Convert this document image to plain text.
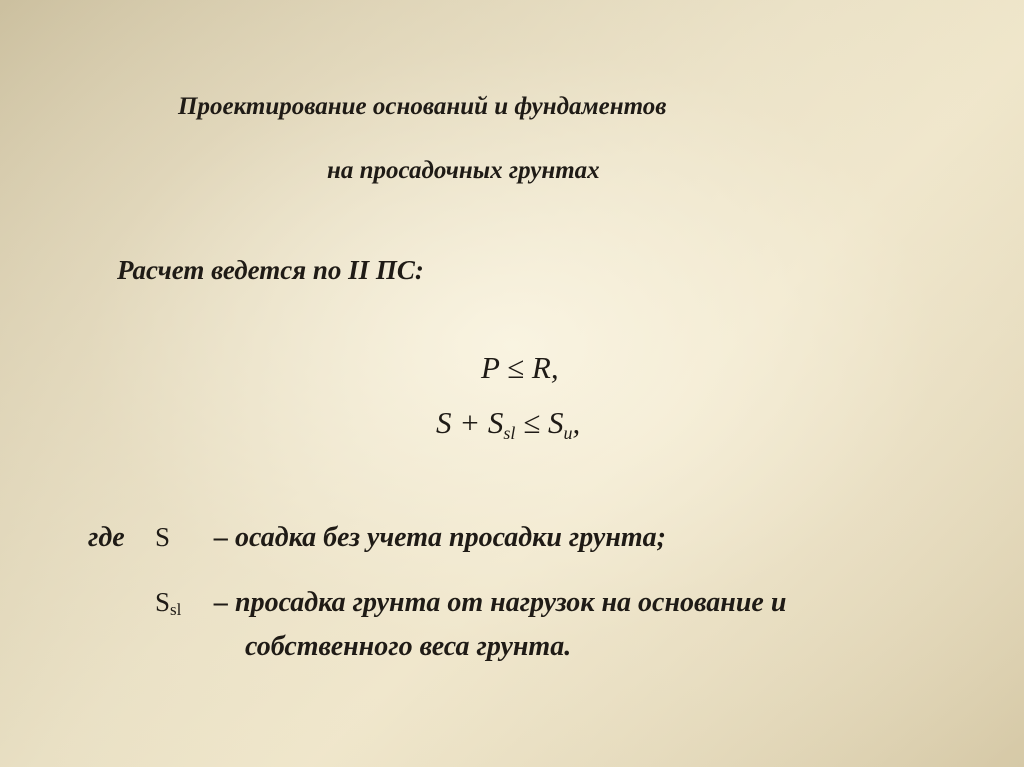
Проектирование оснований и фундаментов
на просадочных грунтах
Расчет ведется по II ПС:
P ≤ R,
$S + S_{sl} \le S_u$,
где S – осадка без учета просадки грунта;
$S_{sl}$ – просадка грунта от нагрузок на основание и
собственного веса грунта.
